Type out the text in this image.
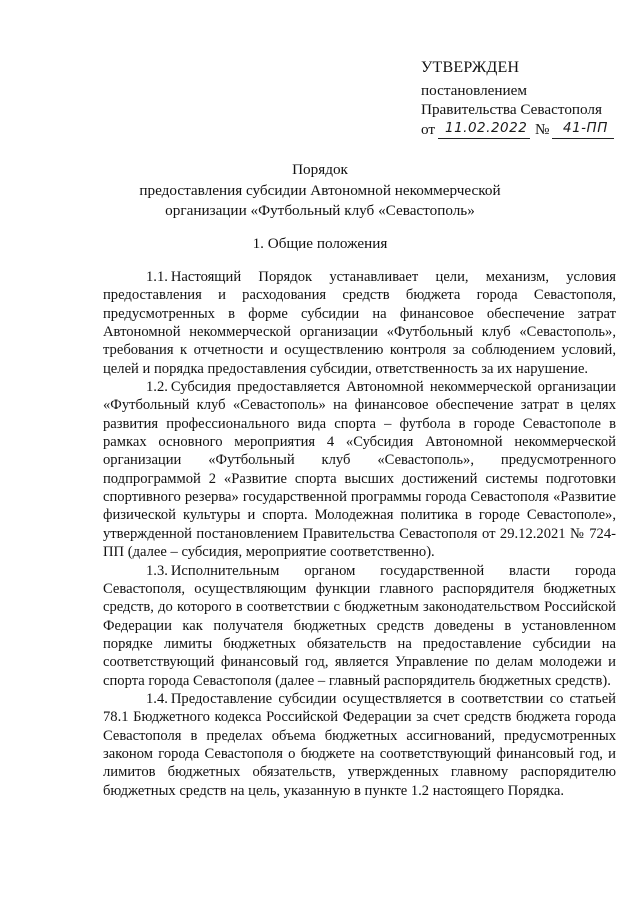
УТВЕРЖДЕН
постановлением
Правительства Севастополя
от 11.02.2022 № 41-ПП
Порядок
предоставления субсидии Автономной некоммерческой
организации «Футбольный клуб «Севастополь»
1. Общие положения

1.1. Настоящий Порядок устанавливает цели, механизм, условия предоставления и расходования средств бюджета города Севастополя, предусмотренных в форме субсидии на финансовое обеспечение затрат Автономной некоммерческой организации «Футбольный клуб «Севастополь», требования к отчетности и осуществлению контроля за соблюдением условий, целей и порядка предоставления субсидии, ответственность за их нарушение.

1.2. Субсидия предоставляется Автономной некоммерческой организации «Футбольный клуб «Севастополь» на финансовое обеспечение затрат в целях развития профессионального вида спорта – футбола в городе Севастополе в рамках основного мероприятия 4 «Субсидия Автономной некоммерческой организации «Футбольный клуб «Севастополь», предусмотренного подпрограммой 2 «Развитие спорта высших достижений системы подготовки спортивного резерва» государственной программы города Севастополя «Развитие физической культуры и спорта. Молодежная политика в городе Севастополе», утвержденной постановлением Правительства Севастополя от 29.12.2021 № 724-ПП (далее – субсидия, мероприятие соответственно).

1.3. Исполнительным органом государственной власти города Севастополя, осуществляющим функции главного распорядителя бюджетных средств, до которого в соответствии с бюджетным законодательством Российской Федерации как получателя бюджетных средств доведены в установленном порядке лимиты бюджетных обязательств на предоставление субсидии на соответствующий финансовый год, является Управление по делам молодежи и спорта города Севастополя (далее – главный распорядитель бюджетных средств).

1.4. Предоставление субсидии осуществляется в соответствии со статьей 78.1 Бюджетного кодекса Российской Федерации за счет средств бюджета города Севастополя в пределах объема бюджетных ассигнований, предусмотренных законом города Севастополя о бюджете на соответствующий финансовый год, и лимитов бюджетных обязательств, утвержденных главному распорядителю бюджетных средств на цель, указанную в пункте 1.2 настоящего Порядка.
